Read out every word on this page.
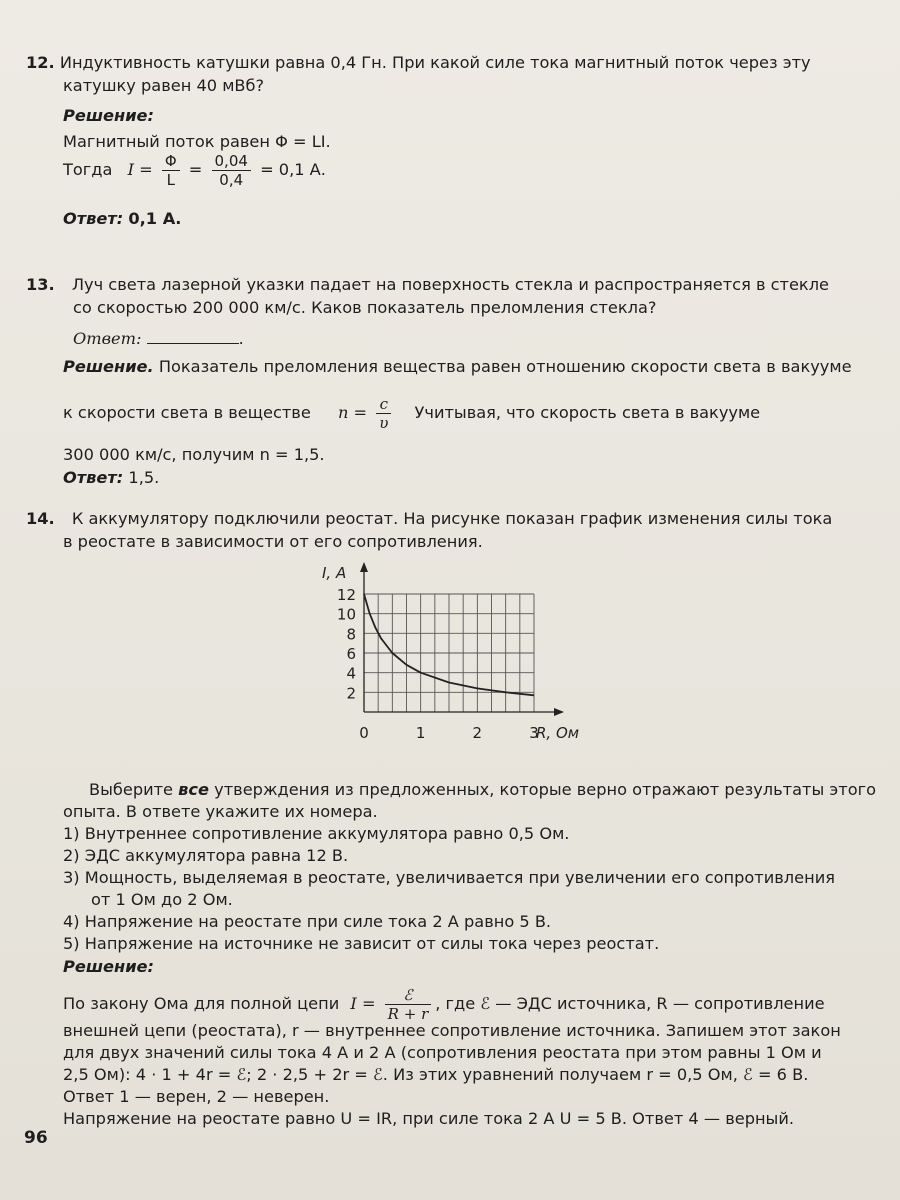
12. Индуктивность катушки равна 0,4 Гн. При какой силе тока магнитный поток через эту
катушку равен 40 мВб?
Решение:
Магнитный поток равен Φ = LI.
Тогда $I = \frac{\Phi}{L} = \frac{0,04}{0,4} = 0,1$ А.
Ответ: 0,1 А.
13. Луч света лазерной указки падает на поверхность стекла и распространяется в стекле
со скоростью 200 000 км/с. Каков показатель преломления стекла?
Ответ:	.
Решение. Показатель преломления вещества равен отношению скорости света в вакууме
к скорости света в веществе $n = \frac{c}{\upsilon}$ Учитывая, что скорость света в вакууме
300 000 км/с, получим n = 1,5.
Ответ: 1,5.
14. К аккумулятору подключили реостат. На рисунке показан график изменения силы тока
в реостате в зависимости от его сопротивления.
2
4
6
8
10
12
0	1	2	3
I, А
R, Ом
Выберите все утверждения из предложенных, которые верно отражают результаты этого
опыта. В ответе укажите их номера.
1) Внутреннее сопротивление аккумулятора равно 0,5 Ом.
2) ЭДС аккумулятора равна 12 В.
3) Мощность, выделяемая в реостате, увеличивается при увеличении его сопротивления
от 1 Ом до 2 Ом.
4) Напряжение на реостате при силе тока 2 А равно 5 В.
5) Напряжение на источнике не зависит от силы тока через реостат.
Решение:
По закону Ома для полной цепи $I = \frac{\text{ℰ}}{R + r}$ , где ℰ — ЭДС источника, R — сопротивление
внешней цепи (реостата), r — внутреннее сопротивление источника. Запишем этот закон
для двух значений силы тока 4 А и 2 А (сопротивления реостата при этом равны 1 Ом и
2,5 Ом): 4 · 1 + 4r = ℰ; 2 · 2,5 + 2r = ℰ. Из этих уравнений получаем r = 0,5 Ом, ℰ = 6 В.
Ответ 1 — верен, 2 — неверен.
Напряжение на реостате равно U = IR, при силе тока 2 А U = 5 В. Ответ 4 — верный.
96
